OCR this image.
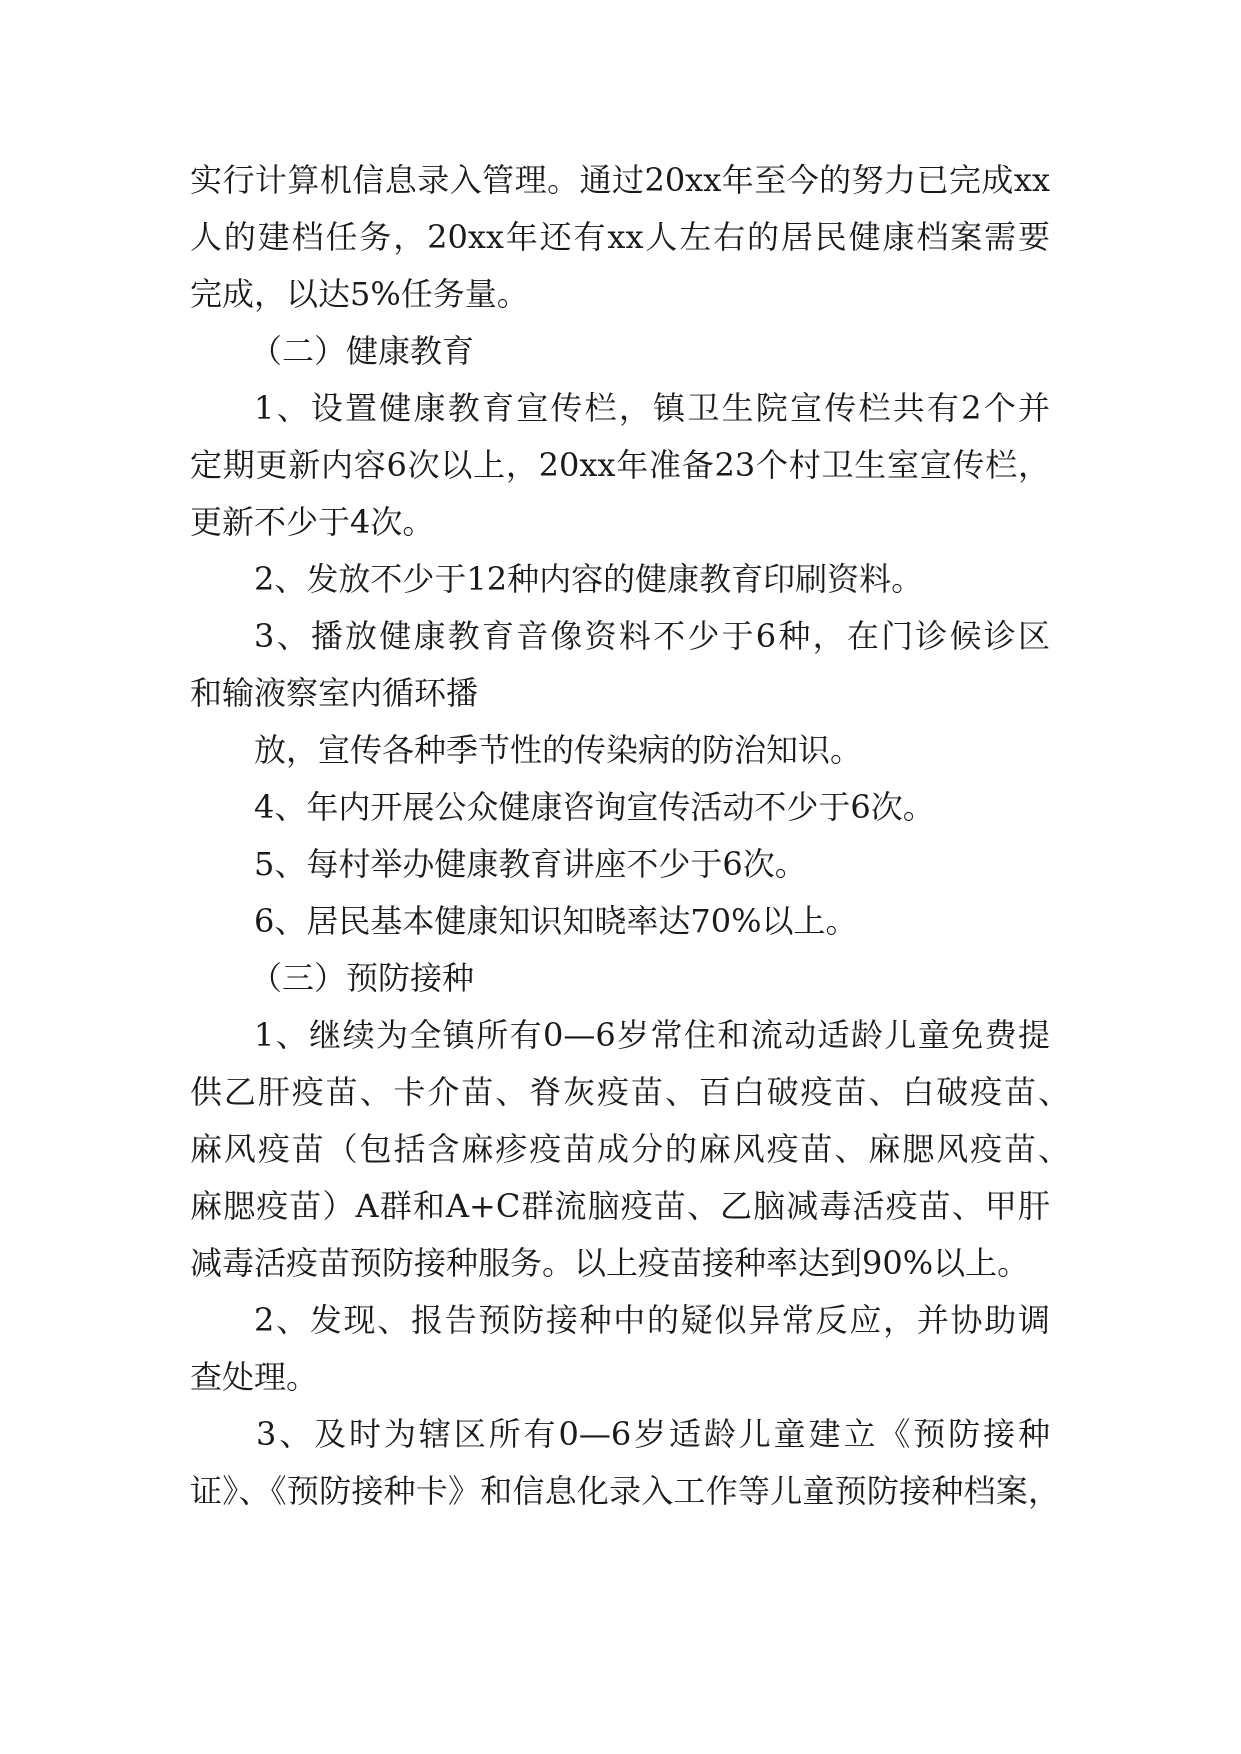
实行计算机信息录入管理。通过20xx年至今的努力已完成xx
人的建档任务，20xx年还有xx人左右的居民健康档案需要
完成，以达5%任务量。
（二）健康教育
1、设置健康教育宣传栏，镇卫生院宣传栏共有2个并
定期更新内容6次以上，20xx年准备23个村卫生室宣传栏，
更新不少于4次。
2、发放不少于12种内容的健康教育印刷资料。
3、播放健康教育音像资料不少于6种，在门诊候诊区
和输液察室内循环播
放，宣传各种季节性的传染病的防治知识。
4、年内开展公众健康咨询宣传活动不少于6次。
5、每村举办健康教育讲座不少于6次。
6、居民基本健康知识知晓率达70%以上。
（三）预防接种
1、继续为全镇所有0—6岁常住和流动适龄儿童免费提
供乙肝疫苗、卡介苗、脊灰疫苗、百白破疫苗、白破疫苗、
麻风疫苗（包括含麻疹疫苗成分的麻风疫苗、麻腮风疫苗、
麻腮疫苗）A群和A+C群流脑疫苗、乙脑减毒活疫苗、甲肝
减毒活疫苗预防接种服务。以上疫苗接种率达到90%以上。
2、发现、报告预防接种中的疑似异常反应，并协助调
查处理。
3、及时为辖区所有0—6岁适龄儿童建立《预防接种
证》、《预防接种卡》和信息化录入工作等儿童预防接种档案，
